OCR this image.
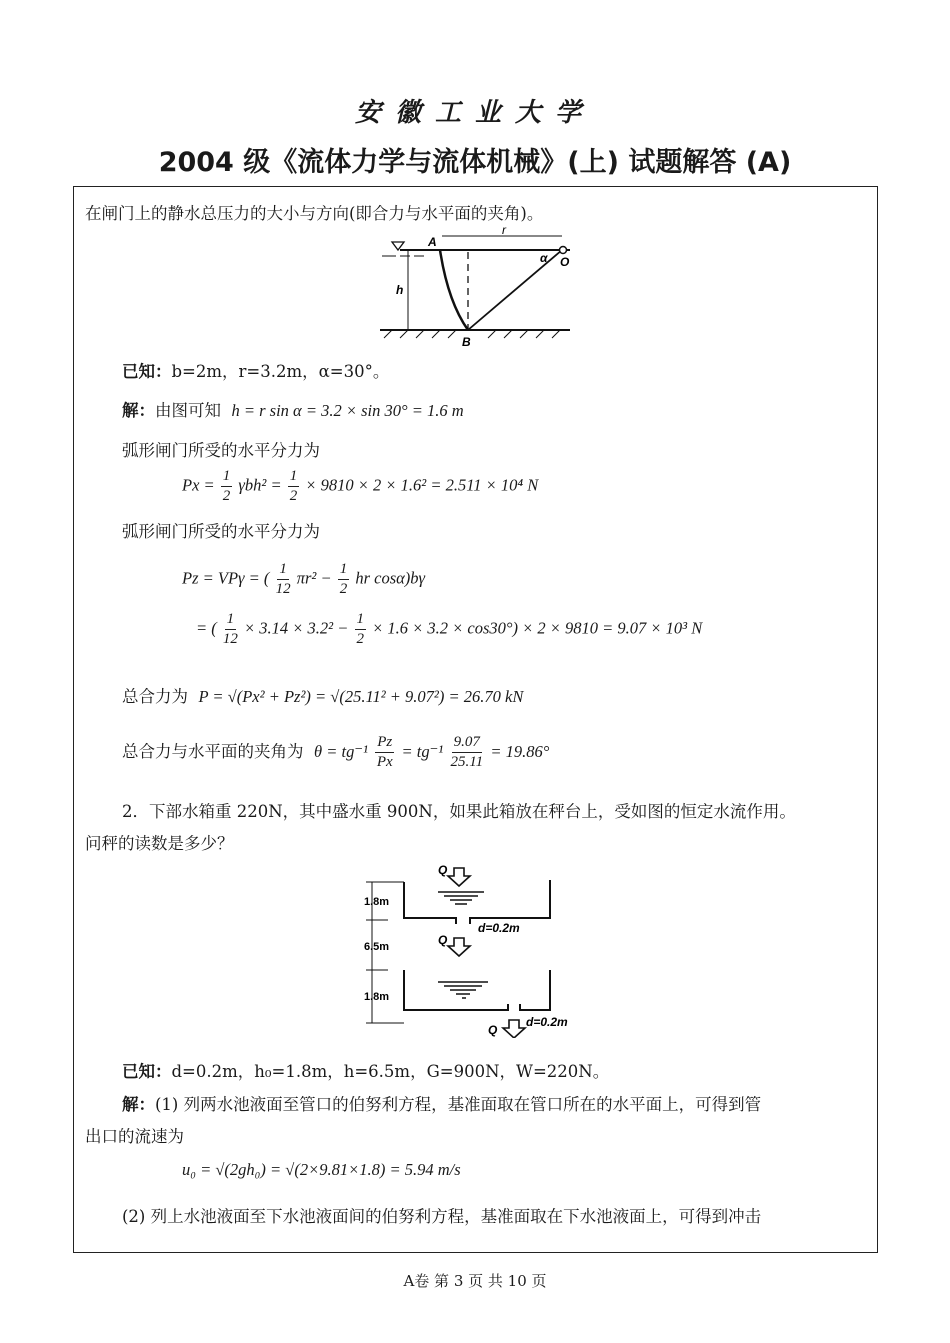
安徽工业大学
2004 级《流体力学与流体机械》(上) 试题解答 (A)
在闸门上的静水总压力的大小与方向(即合力与水平面的夹角)。
A
r
α O
h
B
已知：b=2m，r=3.2m，α=30°。
解：由图可知 h = r sin α = 3.2 × sin 30° = 1.6 m
弧形闸门所受的水平分力为
$Px = \frac{1}{2} \gamma bh^2 = \frac{1}{2} \times 9810 \times 2 \times 1.6^2 = 2.511 \times 10^4$ N
弧形闸门所受的水平分力为
Pz = VPγ = ( $\frac{1}{12} \pi r^2 - \frac{1}{2}$ hr cosα)bγ
= ( $\frac{1}{12} \times 3.14 \times 3.2^2 - \frac{1}{2} \times 1.6 \times 3.2 \times \cos 30^\circ) \times 2 \times 9810 = 9.07 \times 10^3$ N
总合力为 P = √(Px² + Pz²) = √(25.11² + 9.07²) = 26.70 kN
总合力与水平面的夹角为 $\theta = tg^{-1} \frac{Pz}{Px} = tg^{-1} \frac{9.07}{25.11} = 19.86^\circ$
2．下部水箱重 220N，其中盛水重 900N，如果此箱放在秤台上，受如图的恒定水流作用。
问秤的读数是多少？
Q
1.8m
d=0.2m
Q
6.5m
1.8m
Q
d=0.2m
已知：d=0.2m，h₀=1.8m，h=6.5m，G=900N，W=220N。
解：(1) 列两水池液面至管口的伯努利方程，基准面取在管口所在的水平面上，可得到管
出口的流速为
u₀ = √(2gh₀) = √(2×9.81×1.8) = 5.94 m/s
(2) 列上水池液面至下水池液面间的伯努利方程，基准面取在下水池液面上，可得到冲击
A卷 第 3 页 共 10 页
